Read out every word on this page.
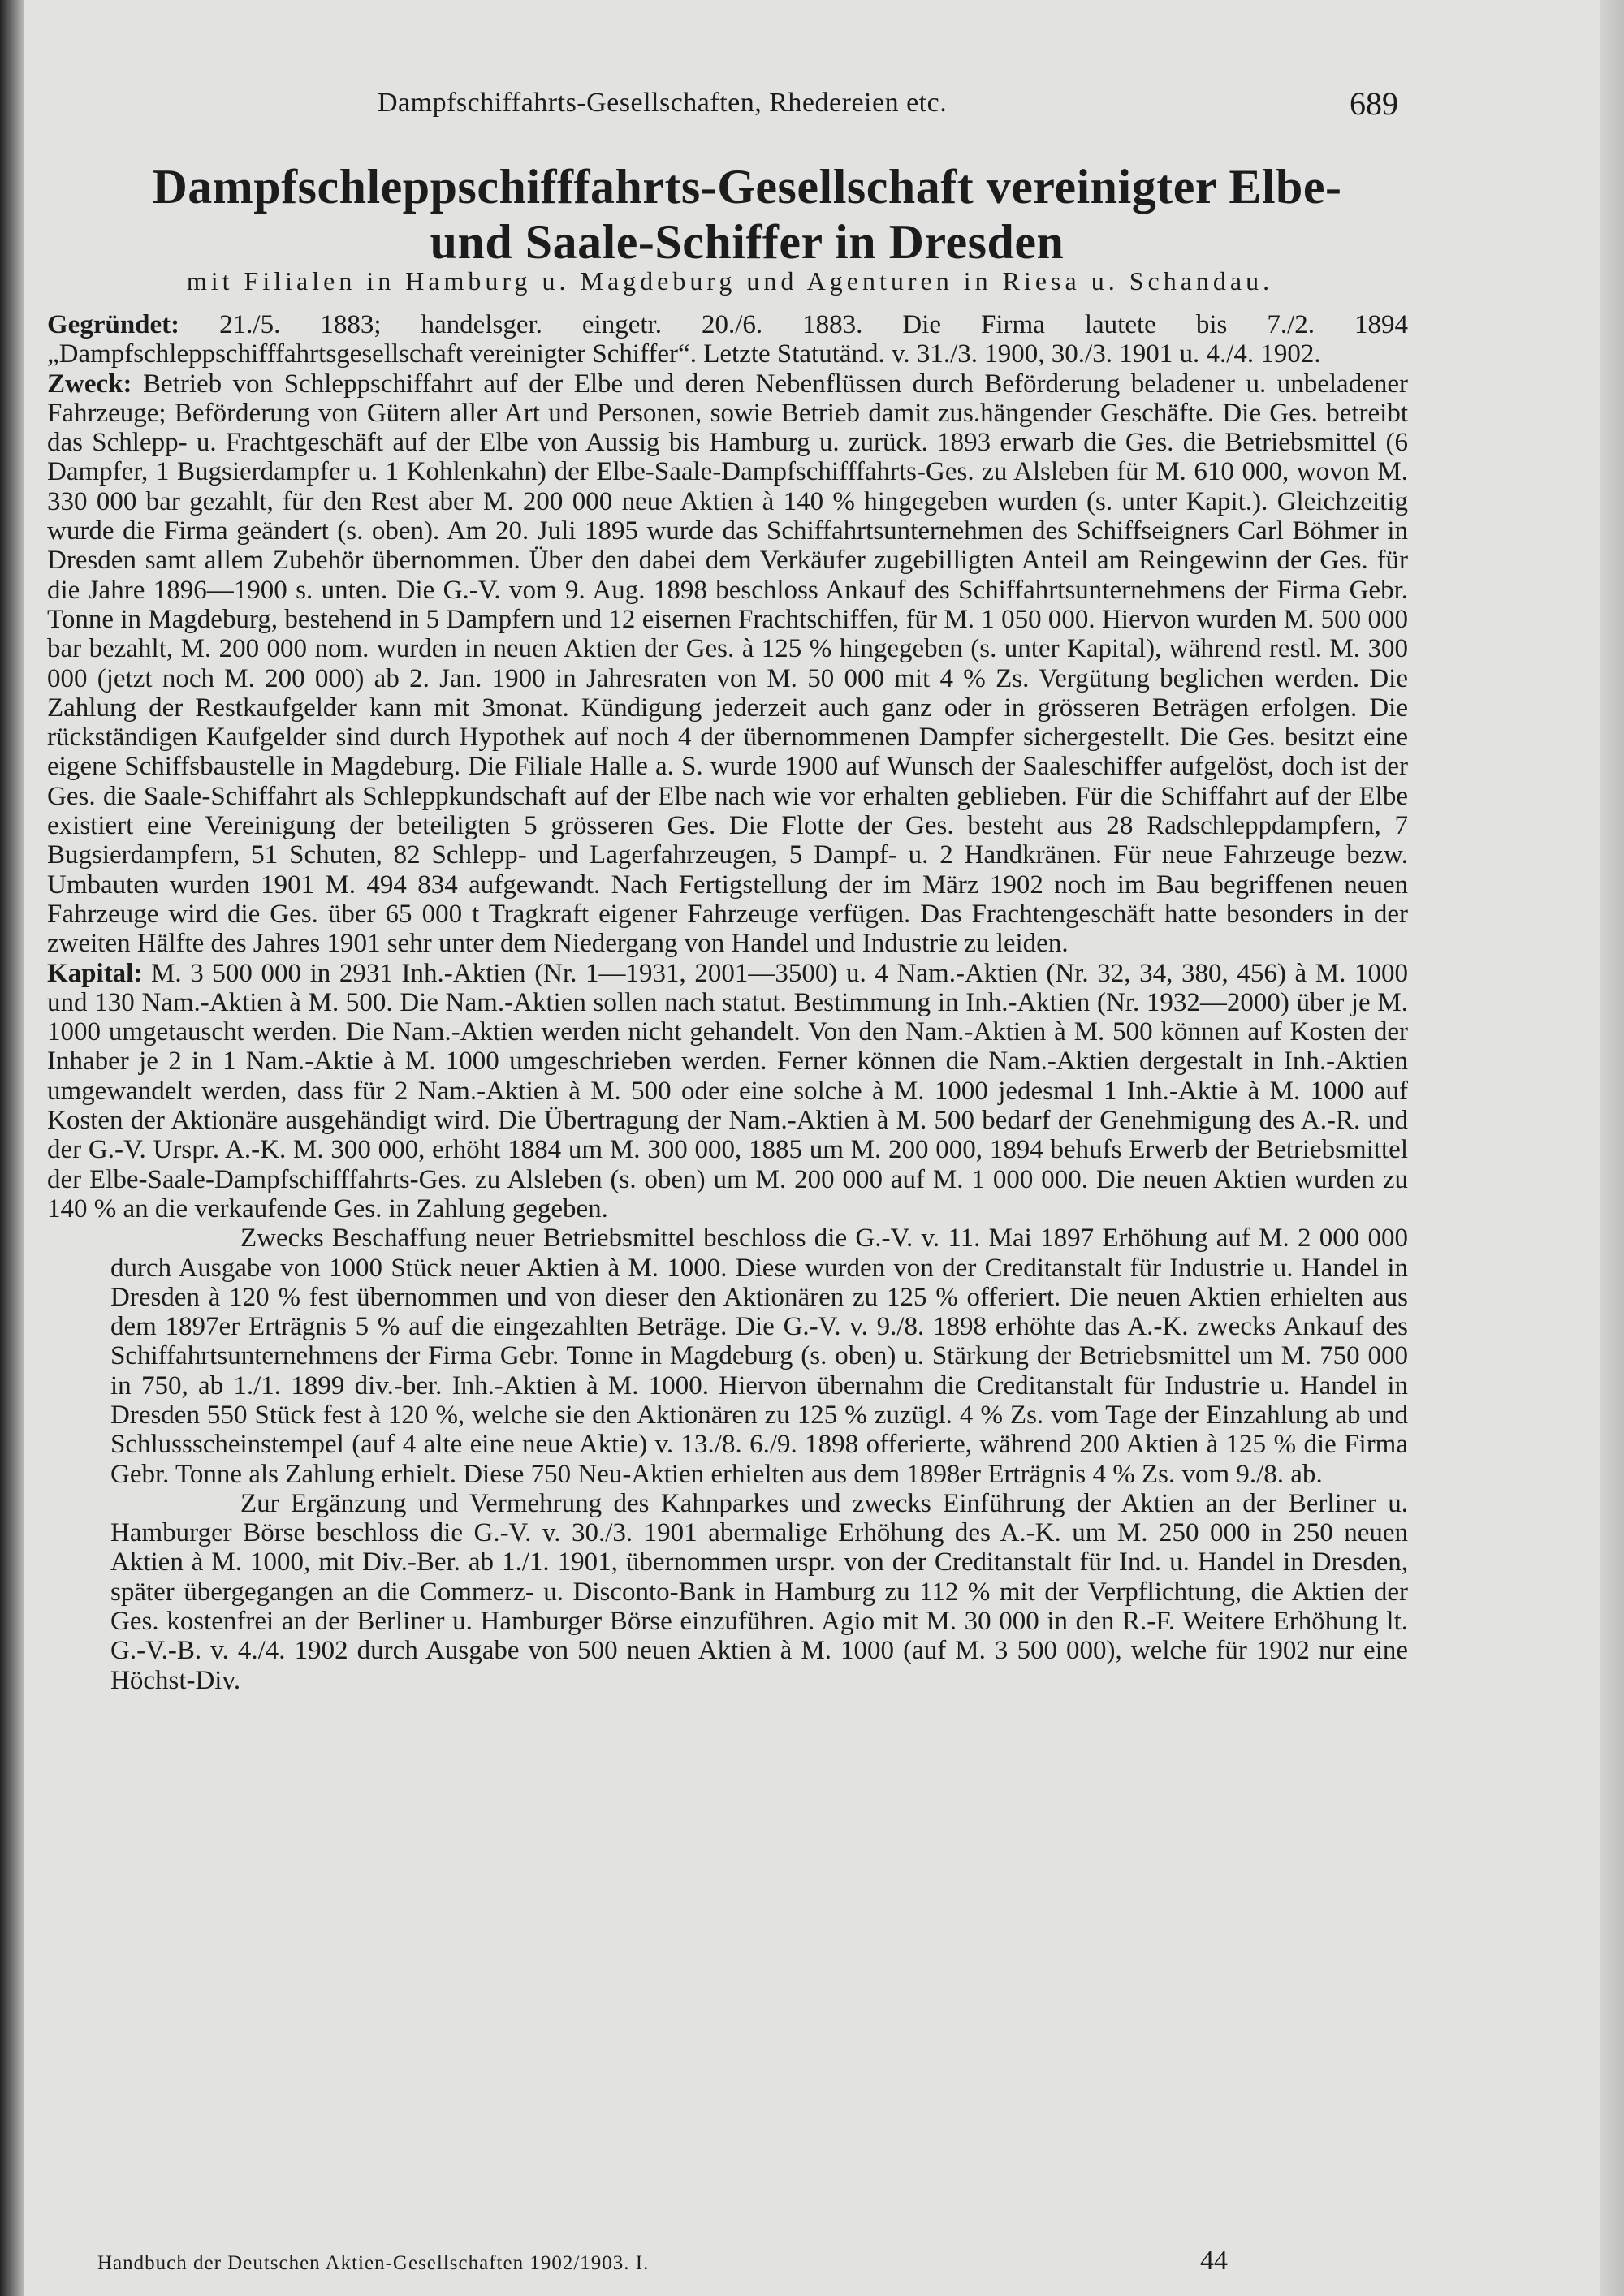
Dampfschiffahrts-Gesellschaften, Rhedereien etc.	689
Dampfschleppschifffahrts-Gesellschaft vereinigter Elbe-
und Saale-Schiffer in Dresden
mit Filialen in Hamburg u. Magdeburg und Agenturen in Riesa u. Schandau.

Gegründet: 21./5. 1883; handelsger. eingetr. 20./6. 1883. Die Firma lautete bis 7./2. 1894 „Dampfschleppschifffahrtsgesellschaft vereinigter Schiffer“. Letzte Statutänd. v. 31./3. 1900, 30./3. 1901 u. 4./4. 1902.

Zweck: Betrieb von Schleppschiffahrt auf der Elbe und deren Nebenflüssen durch Beförderung beladener u. unbeladener Fahrzeuge; Beförderung von Gütern aller Art und Personen, sowie Betrieb damit zus.hängender Geschäfte. Die Ges. betreibt das Schlepp- u. Frachtgeschäft auf der Elbe von Aussig bis Hamburg u. zurück. 1893 erwarb die Ges. die Betriebsmittel (6 Dampfer, 1 Bugsierdampfer u. 1 Kohlenkahn) der Elbe-Saale-Dampfschifffahrts-Ges. zu Alsleben für M. 610 000, wovon M. 330 000 bar gezahlt, für den Rest aber M. 200 000 neue Aktien à 140 % hingegeben wurden (s. unter Kapit.). Gleichzeitig wurde die Firma geändert (s. oben). Am 20. Juli 1895 wurde das Schiffahrtsunternehmen des Schiffseigners Carl Böhmer in Dresden samt allem Zubehör übernommen. Über den dabei dem Verkäufer zugebilligten Anteil am Reingewinn der Ges. für die Jahre 1896—1900 s. unten. Die G.-V. vom 9. Aug. 1898 beschloss Ankauf des Schiffahrtsunternehmens der Firma Gebr. Tonne in Magdeburg, bestehend in 5 Dampfern und 12 eisernen Frachtschiffen, für M. 1 050 000. Hiervon wurden M. 500 000 bar bezahlt, M. 200 000 nom. wurden in neuen Aktien der Ges. à 125 % hingegeben (s. unter Kapital), während restl. M. 300 000 (jetzt noch M. 200 000) ab 2. Jan. 1900 in Jahresraten von M. 50 000 mit 4 % Zs. Vergütung beglichen werden. Die Zahlung der Restkaufgelder kann mit 3monat. Kündigung jederzeit auch ganz oder in grösseren Beträgen erfolgen. Die rückständigen Kaufgelder sind durch Hypothek auf noch 4 der übernommenen Dampfer sichergestellt. Die Ges. besitzt eine eigene Schiffsbaustelle in Magdeburg. Die Filiale Halle a. S. wurde 1900 auf Wunsch der Saaleschiffer aufgelöst, doch ist der Ges. die Saale-Schiffahrt als Schleppkundschaft auf der Elbe nach wie vor erhalten geblieben. Für die Schiffahrt auf der Elbe existiert eine Vereinigung der beteiligten 5 grösseren Ges. Die Flotte der Ges. besteht aus 28 Radschleppdampfern, 7 Bugsierdampfern, 51 Schuten, 82 Schlepp- und Lagerfahrzeugen, 5 Dampf- u. 2 Handkränen. Für neue Fahrzeuge bezw. Umbauten wurden 1901 M. 494 834 aufgewandt. Nach Fertigstellung der im März 1902 noch im Bau begriffenen neuen Fahrzeuge wird die Ges. über 65 000 t Tragkraft eigener Fahrzeuge verfügen. Das Frachtengeschäft hatte besonders in der zweiten Hälfte des Jahres 1901 sehr unter dem Niedergang von Handel und Industrie zu leiden.

Kapital: M. 3 500 000 in 2931 Inh.-Aktien (Nr. 1—1931, 2001—3500) u. 4 Nam.-Aktien (Nr. 32, 34, 380, 456) à M. 1000 und 130 Nam.-Aktien à M. 500. Die Nam.-Aktien sollen nach statut. Bestimmung in Inh.-Aktien (Nr. 1932—2000) über je M. 1000 umgetauscht werden. Die Nam.-Aktien werden nicht gehandelt. Von den Nam.-Aktien à M. 500 können auf Kosten der Inhaber je 2 in 1 Nam.-Aktie à M. 1000 umgeschrieben werden. Ferner können die Nam.-Aktien dergestalt in Inh.-Aktien umgewandelt werden, dass für 2 Nam.-Aktien à M. 500 oder eine solche à M. 1000 jedesmal 1 Inh.-Aktie à M. 1000 auf Kosten der Aktionäre ausgehändigt wird. Die Übertragung der Nam.-Aktien à M. 500 bedarf der Genehmigung des A.-R. und der G.-V. Urspr. A.-K. M. 300 000, erhöht 1884 um M. 300 000, 1885 um M. 200 000, 1894 behufs Erwerb der Betriebsmittel der Elbe-Saale-Dampfschifffahrts-Ges. zu Alsleben (s. oben) um M. 200 000 auf M. 1 000 000. Die neuen Aktien wurden zu 140 % an die verkaufende Ges. in Zahlung gegeben.

Zwecks Beschaffung neuer Betriebsmittel beschloss die G.-V. v. 11. Mai 1897 Erhöhung auf M. 2 000 000 durch Ausgabe von 1000 Stück neuer Aktien à M. 1000. Diese wurden von der Creditanstalt für Industrie u. Handel in Dresden à 120 % fest übernommen und von dieser den Aktionären zu 125 % offeriert. Die neuen Aktien erhielten aus dem 1897er Erträgnis 5 % auf die eingezahlten Beträge. Die G.-V. v. 9./8. 1898 erhöhte das A.-K. zwecks Ankauf des Schiffahrtsunternehmens der Firma Gebr. Tonne in Magdeburg (s. oben) u. Stärkung der Betriebsmittel um M. 750 000 in 750, ab 1./1. 1899 div.-ber. Inh.-Aktien à M. 1000. Hiervon übernahm die Creditanstalt für Industrie u. Handel in Dresden 550 Stück fest à 120 %, welche sie den Aktionären zu 125 % zuzügl. 4 % Zs. vom Tage der Einzahlung ab und Schlussscheinstempel (auf 4 alte eine neue Aktie) v. 13./8. 6./9. 1898 offerierte, während 200 Aktien à 125 % die Firma Gebr. Tonne als Zahlung erhielt. Diese 750 Neu-Aktien erhielten aus dem 1898er Erträgnis 4 % Zs. vom 9./8. ab.

Zur Ergänzung und Vermehrung des Kahnparkes und zwecks Einführung der Aktien an der Berliner u. Hamburger Börse beschloss die G.-V. v. 30./3. 1901 abermalige Erhöhung des A.-K. um M. 250 000 in 250 neuen Aktien à M. 1000, mit Div.-Ber. ab 1./1. 1901, übernommen urspr. von der Creditanstalt für Ind. u. Handel in Dresden, später übergegangen an die Commerz- u. Disconto-Bank in Hamburg zu 112 % mit der Verpflichtung, die Aktien der Ges. kostenfrei an der Berliner u. Hamburger Börse einzuführen. Agio mit M. 30 000 in den R.-F. Weitere Erhöhung lt. G.-V.-B. v. 4./4. 1902 durch Ausgabe von 500 neuen Aktien à M. 1000 (auf M. 3 500 000), welche für 1902 nur eine Höchst-Div.

Handbuch der Deutschen Aktien-Gesellschaften 1902/1903. I.	44
